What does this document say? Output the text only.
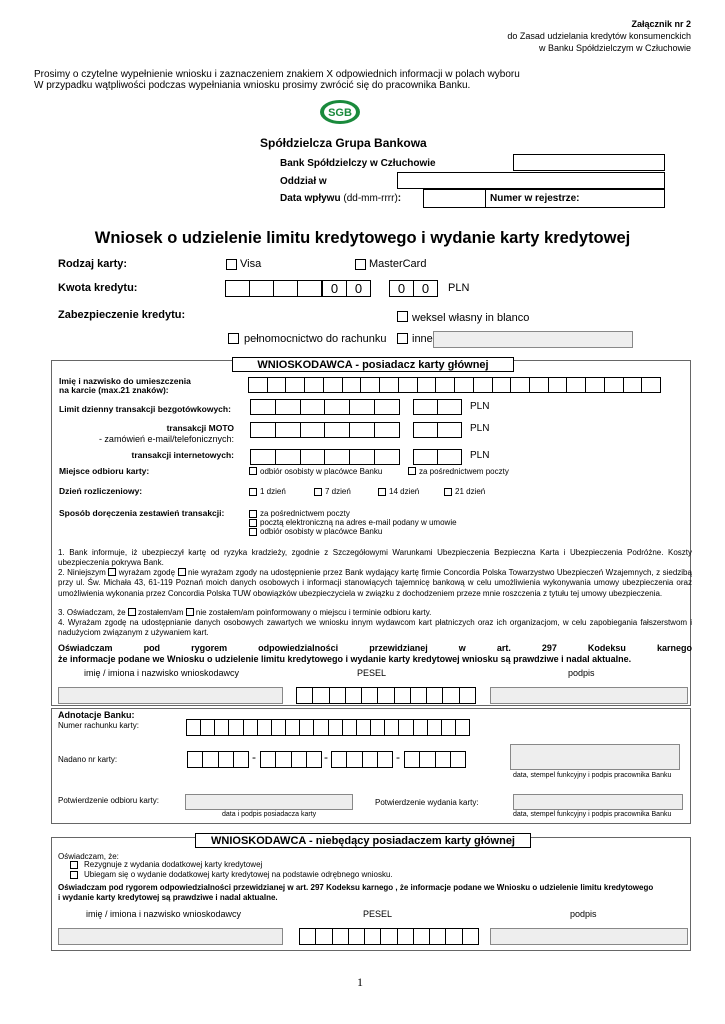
Załącznik nr 2
do Zasad udzielania kredytów konsumenckich
w Banku Spółdzielczym w Człuchowie
Prosimy o czytelne wypełnienie wniosku i zaznaczeniem znakiem X odpowiednich informacji w polach wyboru
W przypadku wątpliwości podczas wypełniania wniosku prosimy zwrócić się do pracownika Banku.
SGB
Spółdzielcza Grupa Bankowa
Bank Spółdzielczy w Człuchowie
Oddział w
Data wpływu (dd-mm-rrrr):	Numer w rejestrze:
Wniosek o udzielenie limitu kredytowego i wydanie karty kredytowej
Rodzaj karty:	Visa	MasterCard
Kwota kredytu:	0	0	0	0	PLN
Zabezpieczenie kredytu:	weksel własny in blanco
pełnomocnictwo do rachunku inne
WNIOSKODAWCA - posiadacz karty głównej
Imię i nazwisko do umieszczenia
na karcie (max.21 znaków):
Limit dzienny transakcji bezgotówkowych:	PLN
transakcji MOTO
- zamówień e-mail/telefonicznych:
PLN
transakcji internetowych:	PLN
Miejsce odbioru karty:	odbiór osobisty w placówce Banku	za pośrednictwem poczty
Dzień rozliczeniowy:	1 dzień	7 dzień	14 dzień	21 dzień
Sposób doręczenia zestawień transakcji:	za pośrednictwem poczty
pocztą elektroniczną na adres e-mail podany w umowie
odbiór osobisty w placówce Banku
1. Bank informuje, iż ubezpieczył kartę od ryzyka kradzieży, zgodnie z Szczegółowymi Warunkami Ubezpieczenia Bezpieczna Karta i Ubezpieczenia Podróżne. Koszty ubezpieczenia pokrywa Bank.
2. Niniejszym wyrażam zgodę nie wyrażam zgody na udostępnienie przez Bank wydający kartę firmie Concordia Polska Towarzystwo Ubezpieczeń Wzajemnych, z siedzibą przy ul. Św. Michała 43, 61-119 Poznań moich danych osobowych i informacji stanowiących tajemnicę bankową w celu umożliwienia wykonywania umowy ubezpieczenia oraz umożliwienia wykonania przez Concordia Polska TUW obowiązków ubezpieczyciela w związku z dochodzeniem przeze mnie roszczenia z tytułu tej umowy ubezpieczenia.
3. Oświadczam, że zostałem/am nie zostałem/am poinformowany o miejscu i terminie odbioru karty.
4. Wyrażam zgodę na udostępnianie danych osobowych zawartych we wniosku innym wydawcom kart płatniczych oraz ich organizacjom, w celu zapobiegania fałszerstwom i nadużyciom związanym z używaniem kart.
Oświadczam pod rygorem odpowiedzialności przewidzianej w art. 297 Kodeksu karnego
że informacje podane we Wniosku o udzielenie limitu kredytowego i wydanie karty kredytowej wniosku są prawdziwe i nadal aktualne.
imię / imiona i nazwisko wnioskodawcy	PESEL	podpis
Adnotacje Banku:
Numer rachunku karty:
Nadano nr karty:	-	-	-
data, stempel funkcyjny i podpis pracownika Banku
Potwierdzenie odbioru karty:
data i podpis posiadacza karty
Potwierdzenie wydania karty:
data, stempel funkcyjny i podpis pracownika Banku
WNIOSKODAWCA - niebędący posiadaczem karty głównej
Oświadczam, że:
Rezygnuje z wydania dodatkowej karty kredytowej
Ubiegam się o wydanie dodatkowej karty kredytowej na podstawie odrębnego wniosku.
Oświadczam pod rygorem odpowiedzialności przewidzianej w art. 297 Kodeksu karnego , że informacje podane we Wniosku o udzielenie limitu kredytowego
i wydanie karty kredytowej są prawdziwe i nadal aktualne.
imię / imiona i nazwisko wnioskodawcy	PESEL	podpis
1
